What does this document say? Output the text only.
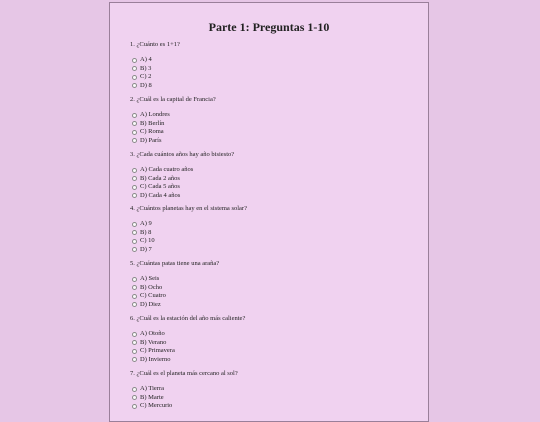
Parte 1: Preguntas 1-10
1. ¿Cuánto es 1+1?
A) 4
B) 3
C) 2
D) 8
2. ¿Cuál es la capital de Francia?
A) Londres
B) Berlín
C) Roma
D) París
3. ¿Cada cuántos años hay año bisiesto?
A) Cada cuatro años
B) Cada 2 años
C) Cada 5 años
D) Cada 4 años
4. ¿Cuántos planetas hay en el sistema solar?
A) 9
B) 8
C) 10
D) 7
5. ¿Cuántas patas tiene una araña?
A) Seis
B) Ocho
C) Cuatro
D) Diez
6. ¿Cuál es la estación del año más caliente?
A) Otoño
B) Verano
C) Primavera
D) Invierno
7. ¿Cuál es el planeta más cercano al sol?
A) Tierra
B) Marte
C) Mercurio
